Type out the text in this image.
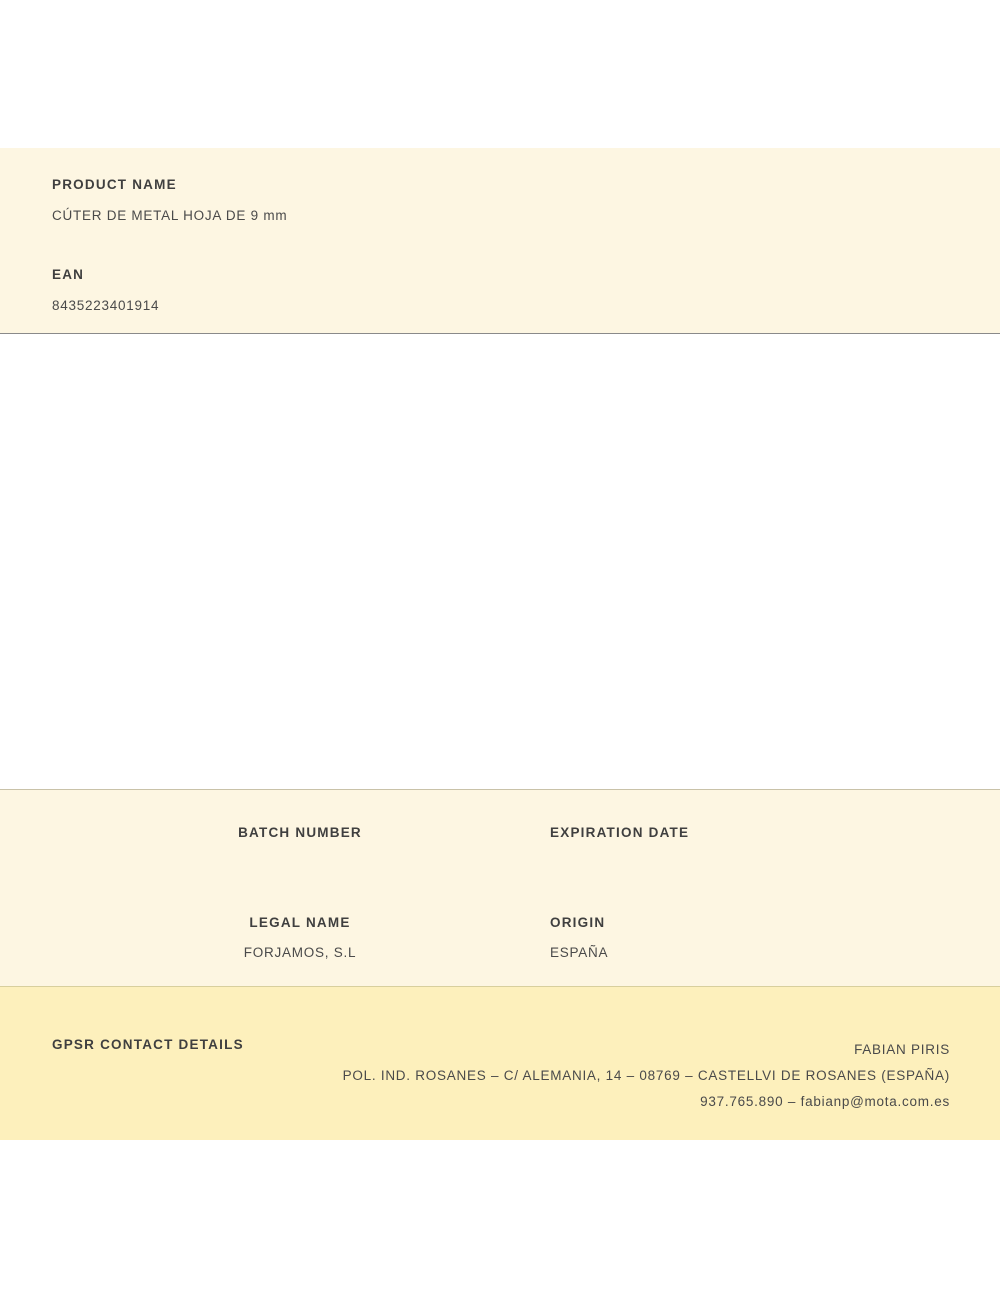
PRODUCT NAME
CÚTER DE METAL HOJA DE 9 mm
EAN
8435223401914
BATCH NUMBER	EXPIRATION DATE
LEGAL NAME
FORJAMOS, S.L
ORIGIN
ESPAÑA
GPSR CONTACT DETAILS	FABIAN PIRIS
POL. IND. ROSANES – C/ ALEMANIA, 14 – 08769 – CASTELLVI DE ROSANES (ESPAÑA)
937.765.890 – fabianp@mota.com.es
